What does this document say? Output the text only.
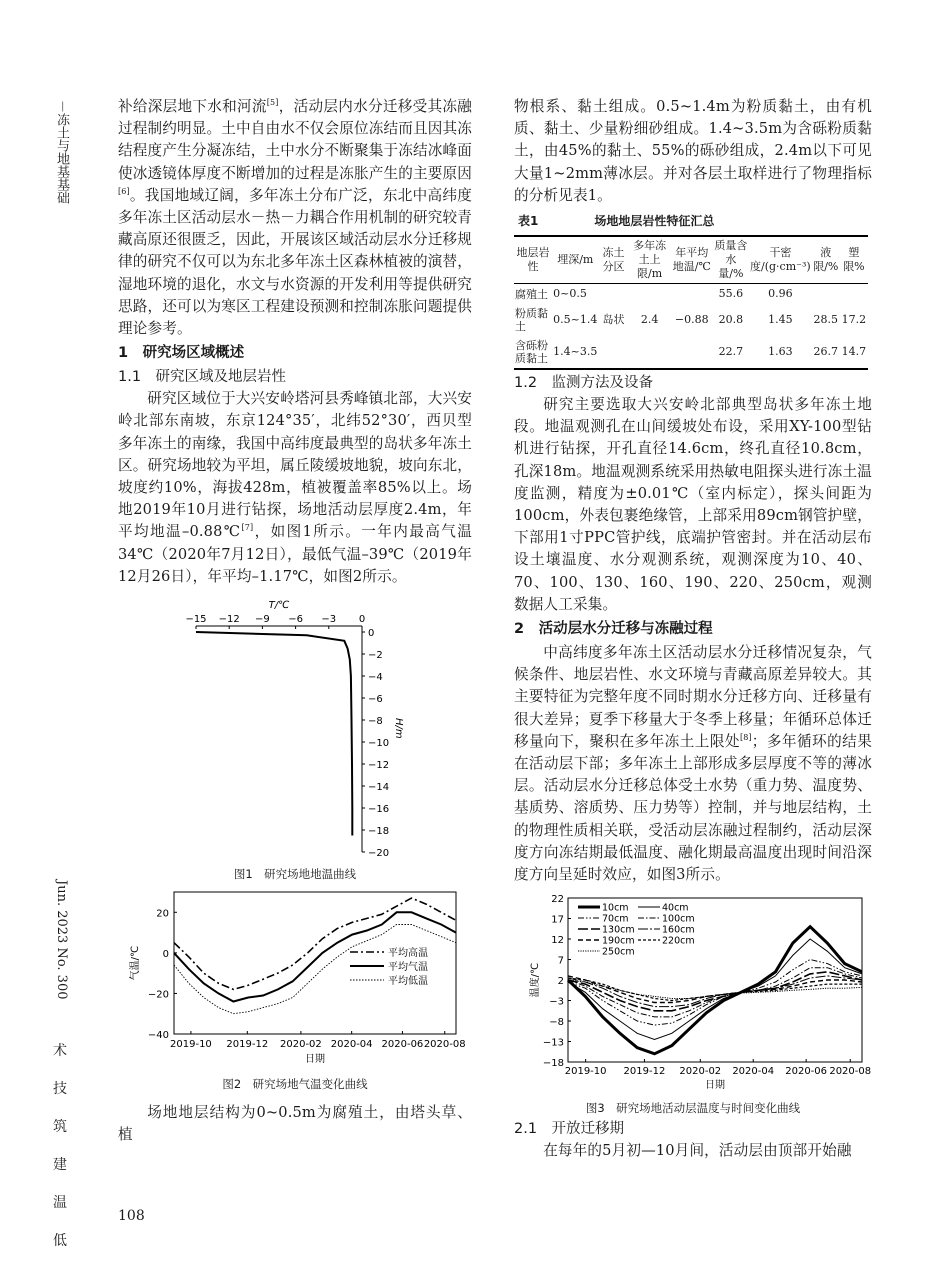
－冻土与地基基础
Jun. 2023 No. 300
术
技
筑
建
温
低
108

补给深层地下水和河流[5]，活动层内水分迁移受其冻融过程制约明显。土中自由水不仅会原位冻结而且因其冻结程度产生分凝冻结，土中水分不断聚集于冻结冰峰面使冰透镜体厚度不断增加的过程是冻胀产生的主要原因[6]。我国地域辽阔，多年冻土分布广泛，东北中高纬度多年冻土区活动层水－热－力耦合作用机制的研究较青藏高原还很匮乏，因此，开展该区域活动层水分迁移规律的研究不仅可以为东北多年冻土区森林植被的演替，湿地环境的退化，水文与水资源的开发利用等提供研究思路，还可以为寒区工程建设预测和控制冻胀问题提供理论参考。

1　研究场区域概述
1.1　研究区域及地层岩性

研究区域位于大兴安岭塔河县秀峰镇北部，大兴安岭北部东南坡，东京124°35′，北纬52°30′，西贝型多年冻土的南缘，我国中高纬度最典型的岛状多年冻土区。研究场地较为平坦，属丘陵缓坡地貌，坡向东北，坡度约10%，海拔428m，植被覆盖率85%以上。场地2019年10月进行钻探，场地活动层厚度2.4m，年平均地温–0.88℃[7]，如图1所示。一年内最高气温34℃（2020年7月12日），最低气温–39℃（2019年12月26日），年平均–1.17℃，如图2所示。

T/℃
−15 −12 −9 −6 −3 0
0
−2
−4
−6
−8
−10
−12
−14
−16
−18
−20
H/m
图1　研究场地地温曲线
20
0
−20
−40
2019-10 2019-12 2020-02 2020-04 2020-06 2020-08
日期
气温/℃	平均高温
平均气温
平均低温
图2　研究场地气温变化曲线

场地地层结构为0~0.5m为腐殖土，由塔头草、植

物根系、黏土组成。0.5~1.4m为粉质黏土，由有机质、黏土、少量粉细砂组成。1.4~3.5m为含砾粉质黏土，由45%的黏土、55%的砾砂组成，2.4m以下可见大量1~2mm薄冰层。并对各层土取样进行了物理指标的分析见表1。

表1	场地地层岩性特征汇总
地层岩性	埋深/m	冻土分区	多年冻土上限/m	年平均地温/℃	质量含水量/%	干密度/(g·cm⁻³)	液限/%	塑限%
腐殖土	0~0.5				55.6	0.96		
粉质黏土	0.5~1.4	岛状	2.4	−0.88	20.8	1.45	28.5	17.2
含砾粉质黏土	1.4~3.5				22.7	1.63	26.7	14.7
1.2　监测方法及设备

研究主要选取大兴安岭北部典型岛状多年冻土地段。地温观测孔在山间缓坡处布设，采用XY-100型钻机进行钻探，开孔直径14.6cm，终孔直径10.8cm，孔深18m。地温观测系统采用热敏电阻探头进行冻土温度监测，精度为±0.01℃（室内标定），探头间距为100cm，外表包裹绝缘管，上部采用89cm钢管护壁，下部用1寸PPC管护线，底端护管密封。并在活动层布设土壤温度、水分观测系统，观测深度为10、40、70、100、130、160、190、220、250cm，观测数据人工采集。

2　活动层水分迁移与冻融过程

中高纬度多年冻土区活动层水分迁移情况复杂，气候条件、地层岩性、水文环境与青藏高原差异较大。其主要特征为完整年度不同时期水分迁移方向、迁移量有很大差异；夏季下移量大于冬季上移量；年循环总体迁移量向下，聚积在多年冻土上限处[8]；多年循环的结果在活动层下部；多年冻土上部形成多层厚度不等的薄冰层。活动层水分迁移总体受土水势（重力势、温度势、基质势、溶质势、压力势等）控制，并与地层结构，土的物理性质相关联，受活动层冻融过程制约，活动层深度方向冻结期最低温度、融化期最高温度出现时间沿深度方向呈延时效应，如图3所示。

22
17
12
7
2
−3
−8
−13
−18
2019-10 2019-12 2020-02 2020-04 2020-06 2020-08
日期
温度/℃
10cm	40cm
70cm	100cm
130cm	160cm
190cm	220cm
250cm
图3　研究场地活动层温度与时间变化曲线
2.1　开放迁移期

在每年的5月初—10月间，活动层由顶部开始融
